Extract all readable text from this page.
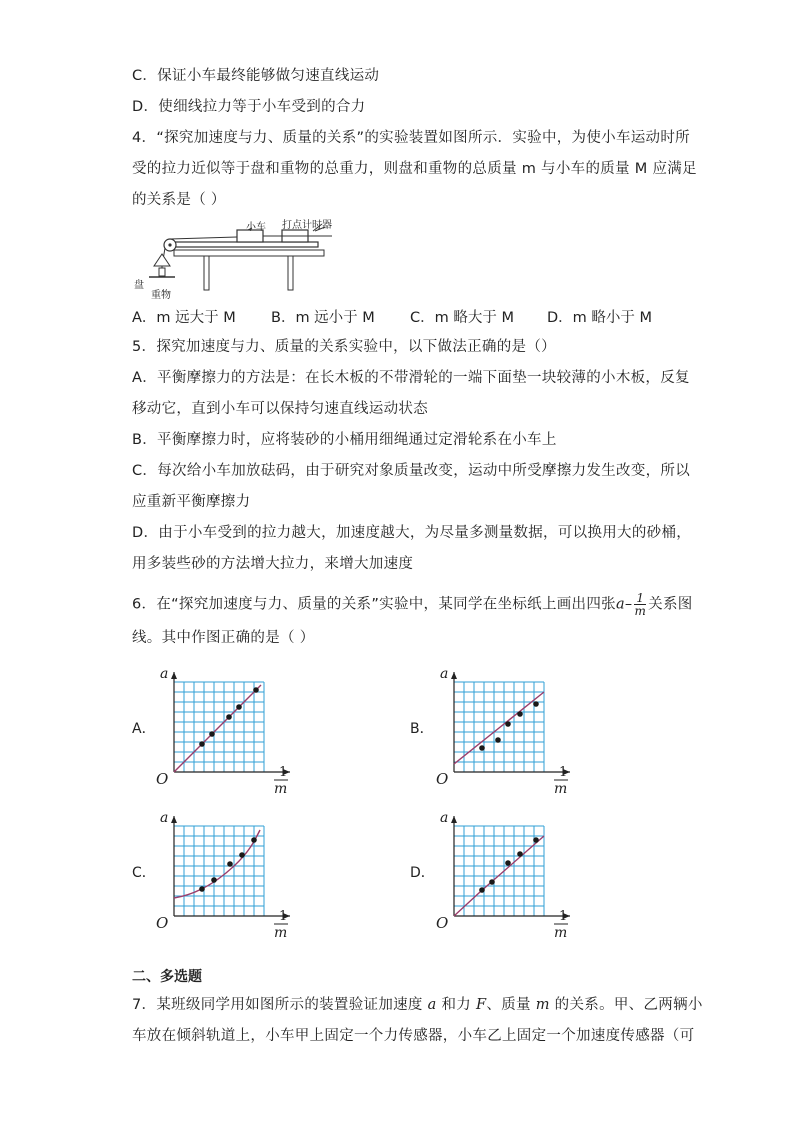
C．保证小车最终能够做匀速直线运动
D．使细线拉力等于小车受到的合力
4．“探究加速度与力、质量的关系”的实验装置如图所示．实验中，为使小车运动时所
受的拉力近似等于盘和重物的总重力，则盘和重物的总质量 m 与小车的质量 M 应满足
的关系是（ ）
小车 打点计时器
盘
重物
A．m 远大于 M B．m 远小于 M C．m 略大于 M D．m 略小于 M
5．探究加速度与力、质量的关系实验中，以下做法正确的是（）
A．平衡摩擦力的方法是：在长木板的不带滑轮的一端下面垫一块较薄的小木板，反复
移动它，直到小车可以保持匀速直线运动状态
B．平衡摩擦力时，应将装砂的小桶用细绳通过定滑轮系在小车上
C．每次给小车加放砝码，由于研究对象质量改变，运动中所受摩擦力发生改变，所以
应重新平衡摩擦力
D．由于小车受到的拉力越大，加速度越大，为尽量多测量数据，可以换用大的砂桶，
用多装些砂的方法增大拉力，来增大加速度
6．在“探究加速度与力、质量的关系”实验中，某同学在坐标纸上画出四张$a- \frac{1}{m}$ 关系图
线。其中作图正确的是（ ）
A．	B．
C．	D．
a
O	1
m
a
O	1
m
a
O	1
m
a
O	1
m
二、多选题
7．某班级同学用如图所示的装置验证加速度 a 和力 F、质量 m 的关系。甲、乙两辆小
车放在倾斜轨道上，小车甲上固定一个力传感器，小车乙上固定一个加速度传感器（可
